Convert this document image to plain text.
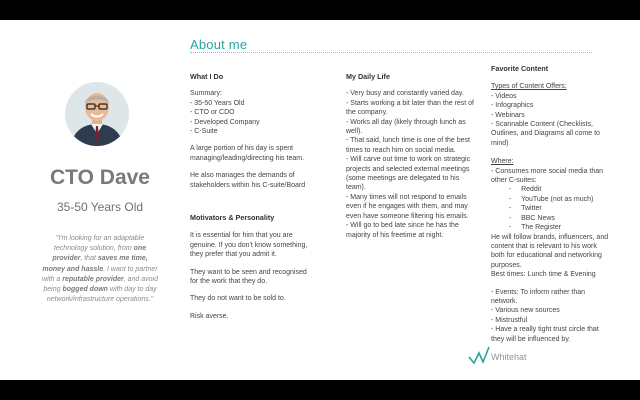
About me
CTO Dave
35-50 Years Old
"I'm looking for an adaptable technology solution, from one provider, that saves me time, money and hassle. I want to partner with a reputable provider, and avoid being bogged down with day to day network/infrastructure operations."
What I Do

Summary:

- 35-50 Years Old
- CTO or CDO
- Developed Company
- C-Suite

A large portion of his day is spent managing/leading/directing his team.

He also manages the demands of stakeholders within his C-suite/Board

Motivators & Personality

It is essential for him that you are genuine. If you don't know something, they prefer that you admit it.

They want to be seen and recognised for the work that they do.

They do not want to be sold to.

Risk averse.

My Daily Life
- Very busy and constantly varied day.
- Starts working a bit later than the rest of the company.
- Works all day (likely through lunch as well).
- That said, lunch time is one of the best times to reach him on social media.
- Will carve out time to work on strategic projects and selected external meetings (some meetings are delegated to his team).
- Many times will not respond to emails even if he engages with them, and may even have someone filtering his emails.
- Will go to bed late since he has the majority of his freetime at night.
Favorite Content

Types of Content Offers:

- Videos
- Infographics
- Webinars
- Scannable Content (Checklists, Outlines, and Diagrams all come to mind)

Where:

- Consumes more social media than other C-suites:

-     Reddit
-     YouTube (not as much)
-     Twitter
-     BBC News
-     The Register

He will follow brands, influencers, and content that is relevant to his work both for educational and networking purposes.

Best times: Lunch time & Evening

- Events: To inform rather than network.
- Various new sources
- Mistrustful
- Have a really tight trust circle that they will be influenced by.
Whitehat
